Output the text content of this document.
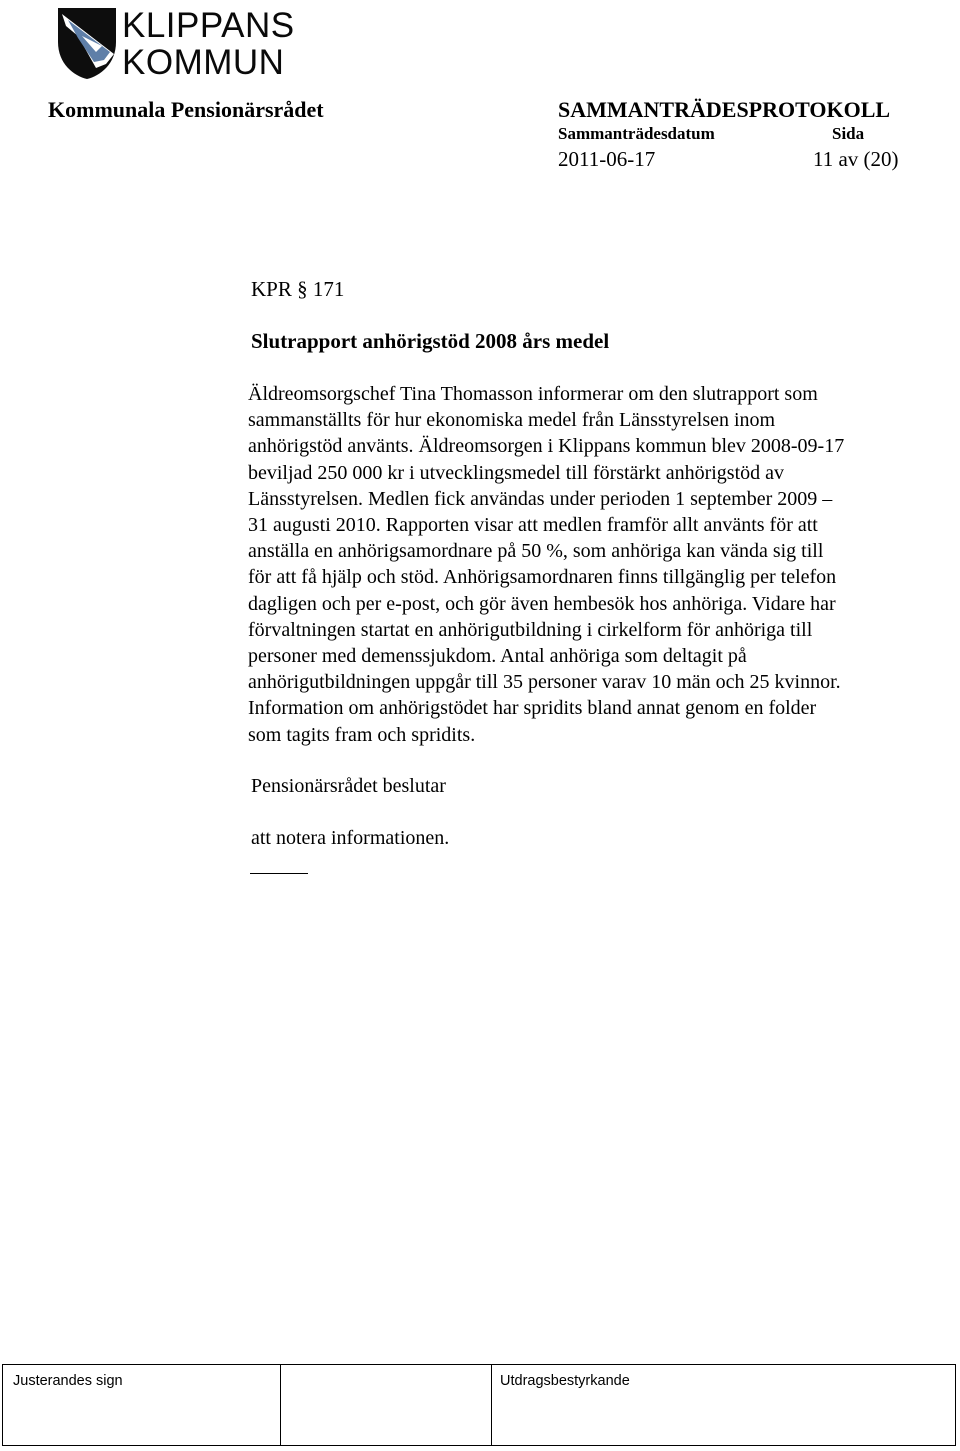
KLIPPANS
KOMMUN
Kommunala Pensionärsrådet	SAMMANTRÄDESPROTOKOLL
Sammanträdesdatum	Sida
2011-06-17	11 av (20)
KPR § 171
Slutrapport anhörigstöd 2008 års medel
Äldreomsorgschef Tina Thomasson informerar om den slutrapport som
sammanställts för hur ekonomiska medel från Länsstyrelsen inom
anhörigstöd använts. Äldreomsorgen i Klippans kommun blev 2008-09-17
beviljad 250 000 kr i utvecklingsmedel till förstärkt anhörigstöd av
Länsstyrelsen. Medlen fick användas under perioden 1 september 2009 –
31 augusti 2010. Rapporten visar att medlen framför allt använts för att
anställa en anhörigsamordnare på 50 %, som anhöriga kan vända sig till
för att få hjälp och stöd. Anhörigsamordnaren finns tillgänglig per telefon
dagligen och per e-post, och gör även hembesök hos anhöriga. Vidare har
förvaltningen startat en anhörigutbildning i cirkelform för anhöriga till
personer med demenssjukdom. Antal anhöriga som deltagit på
anhörigutbildningen uppgår till 35 personer varav 10 män och 25 kvinnor.
Information om anhörigstödet har spridits bland annat genom en folder
som tagits fram och spridits.
Pensionärsrådet beslutar
att notera informationen.
Justerandes sign	Utdragsbestyrkande
